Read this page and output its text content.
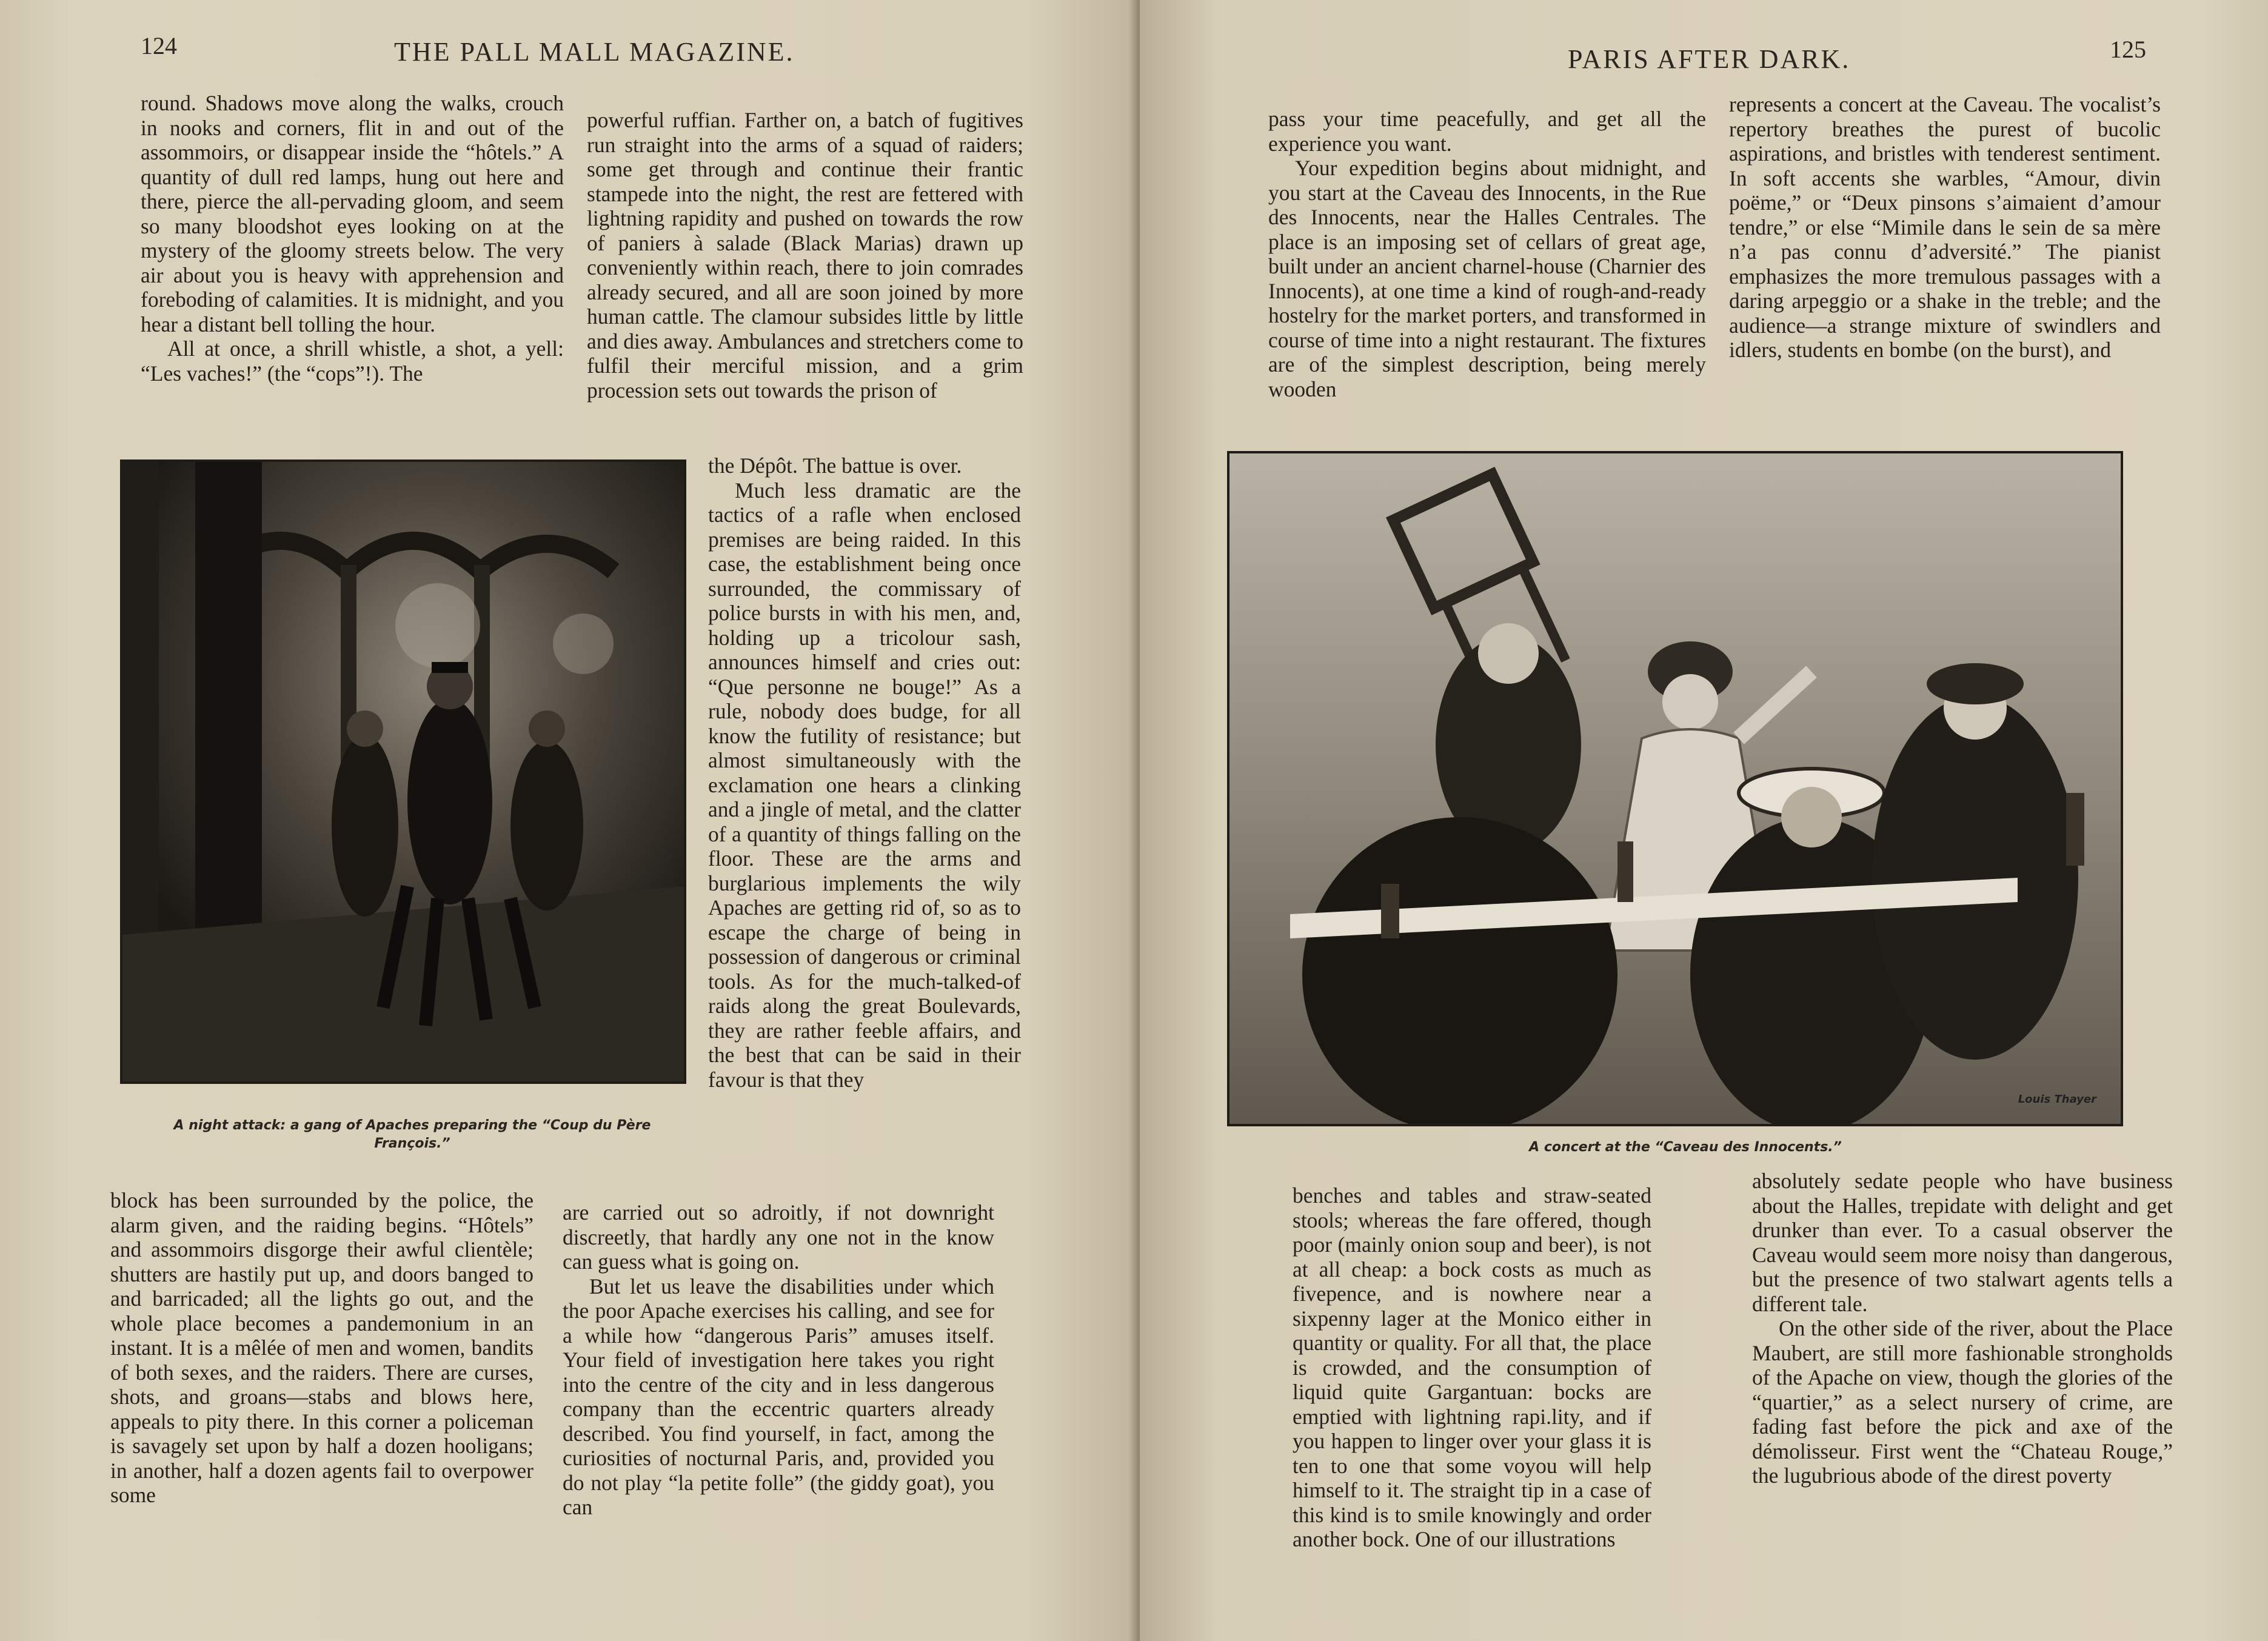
124	THE PALL MALL MAGAZINE.

round. Shadows move along the walks, crouch in nooks and corners, flit in and out of the assommoirs, or disappear inside the “hôtels.” A quantity of dull red lamps, hung out here and there, pierce the all-pervading gloom, and seem so many bloodshot eyes looking on at the mystery of the gloomy streets below. The very air about you is heavy with apprehension and foreboding of calamities. It is midnight, and you hear a distant bell tolling the hour.

All at once, a shrill whistle, a shot, a yell: “Les vaches!” (the “cops”!). The

powerful ruffian. Farther on, a batch of fugitives run straight into the arms of a squad of raiders; some get through and continue their frantic stampede into the night, the rest are fettered with lightning rapidity and pushed on towards the row of paniers à salade (Black Marias) drawn up conveniently within reach, there to join comrades already secured, and all are soon joined by more human cattle. The clamour subsides little by little and dies away. Ambulances and stretchers come to fulfil their merciful mission, and a grim procession sets out towards the prison of

A night attack: a gang of Apaches preparing the “Coup du Père François.”

the Dépôt. The battue is over.

Much less dramatic are the tactics of a rafle when enclosed premises are being raided. In this case, the establishment being once surrounded, the commissary of police bursts in with his men, and, holding up a tricolour sash, announces himself and cries out: “Que personne ne bouge!” As a rule, nobody does budge, for all know the futility of resistance; but almost simultaneously with the exclamation one hears a clinking and a jingle of metal, and the clatter of a quantity of things falling on the floor. These are the arms and burglarious implements the wily Apaches are getting rid of, so as to escape the charge of being in possession of dangerous or criminal tools. As for the much-talked-of raids along the great Boulevards, they are rather feeble affairs, and the best that can be said in their favour is that they

block has been surrounded by the police, the alarm given, and the raiding begins. “Hôtels” and assommoirs disgorge their awful clientèle; shutters are hastily put up, and doors banged to and barricaded; all the lights go out, and the whole place becomes a pandemonium in an instant. It is a mêlée of men and women, bandits of both sexes, and the raiders. There are curses, shots, and groans—stabs and blows here, appeals to pity there. In this corner a policeman is savagely set upon by half a dozen hooligans; in another, half a dozen agents fail to overpower some

are carried out so adroitly, if not downright discreetly, that hardly any one not in the know can guess what is going on.

But let us leave the disabilities under which the poor Apache exercises his calling, and see for a while how “dangerous Paris” amuses itself. Your field of investigation here takes you right into the centre of the city and in less dangerous company than the eccentric quarters already described. You find yourself, in fact, among the curiosities of nocturnal Paris, and, provided you do not play “la petite folle” (the giddy goat), you can

PARIS AFTER DARK.	125

pass your time peacefully, and get all the experience you want.

Your expedition begins about midnight, and you start at the Caveau des Innocents, in the Rue des Innocents, near the Halles Centrales. The place is an imposing set of cellars of great age, built under an ancient charnel-house (Charnier des Innocents), at one time a kind of rough-and-ready hostelry for the market porters, and transformed in course of time into a night restaurant. The fixtures are of the simplest description, being merely wooden

represents a concert at the Caveau. The vocalist’s repertory breathes the purest of bucolic aspirations, and bristles with tenderest sentiment. In soft accents she warbles, “Amour, divin poëme,” or “Deux pinsons s’aimaient d’amour tendre,” or else “Mimile dans le sein de sa mère n’a pas connu d’adversité.” The pianist emphasizes the more tremulous passages with a daring arpeggio or a shake in the treble; and the audience—a strange mixture of swindlers and idlers, students en bombe (on the burst), and

Louis Thayer
A concert at the “Caveau des Innocents.”

benches and tables and straw-seated stools; whereas the fare offered, though poor (mainly onion soup and beer), is not at all cheap: a bock costs as much as fivepence, and is nowhere near a sixpenny lager at the Monico either in quantity or quality. For all that, the place is crowded, and the consumption of liquid quite Gargantuan: bocks are emptied with lightning rapi.lity, and if you happen to linger over your glass it is ten to one that some voyou will help himself to it. The straight tip in a case of this kind is to smile knowingly and order another bock. One of our illustrations

absolutely sedate people who have business about the Halles, trepidate with delight and get drunker than ever. To a casual observer the Caveau would seem more noisy than dangerous, but the presence of two stalwart agents tells a different tale.

On the other side of the river, about the Place Maubert, are still more fashionable strongholds of the Apache on view, though the glories of the “quartier,” as a select nursery of crime, are fading fast before the pick and axe of the démolisseur. First went the “Chateau Rouge,” the lugubrious abode of the direst poverty
